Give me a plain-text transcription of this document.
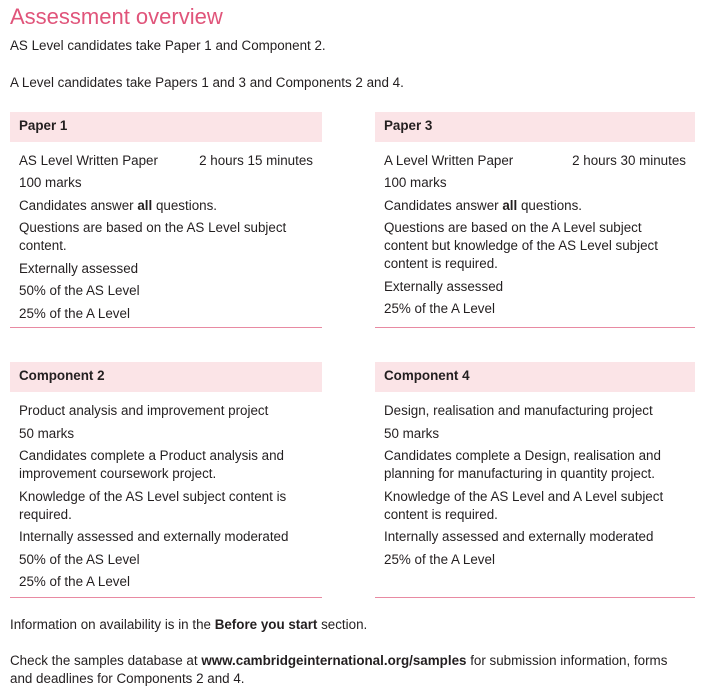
Assessment overview
AS Level candidates take Paper 1 and Component 2.
A Level candidates take Papers 1 and 3 and Components 2 and 4.
Paper 1
AS Level Written Paper	2 hours 15 minutes
100 marks
Candidates answer all questions.
Questions are based on the AS Level subject content.
Externally assessed
50% of the AS Level
25% of the A Level
Paper 3
A Level Written Paper	2 hours 30 minutes
100 marks
Candidates answer all questions.
Questions are based on the A Level subject content but knowledge of the AS Level subject content is required.
Externally assessed
25% of the A Level
Component 2
Product analysis and improvement project
50 marks
Candidates complete a Product analysis and improvement coursework project.
Knowledge of the AS Level subject content is required.
Internally assessed and externally moderated
50% of the AS Level
25% of the A Level
Component 4
Design, realisation and manufacturing project
50 marks
Candidates complete a Design, realisation and planning for manufacturing in quantity project.
Knowledge of the AS Level and A Level subject content is required.
Internally assessed and externally moderated
25% of the A Level
Information on availability is in the Before you start section.
Check the samples database at www.cambridgeinternational.org/samples for submission information, forms and deadlines for Components 2 and 4.
